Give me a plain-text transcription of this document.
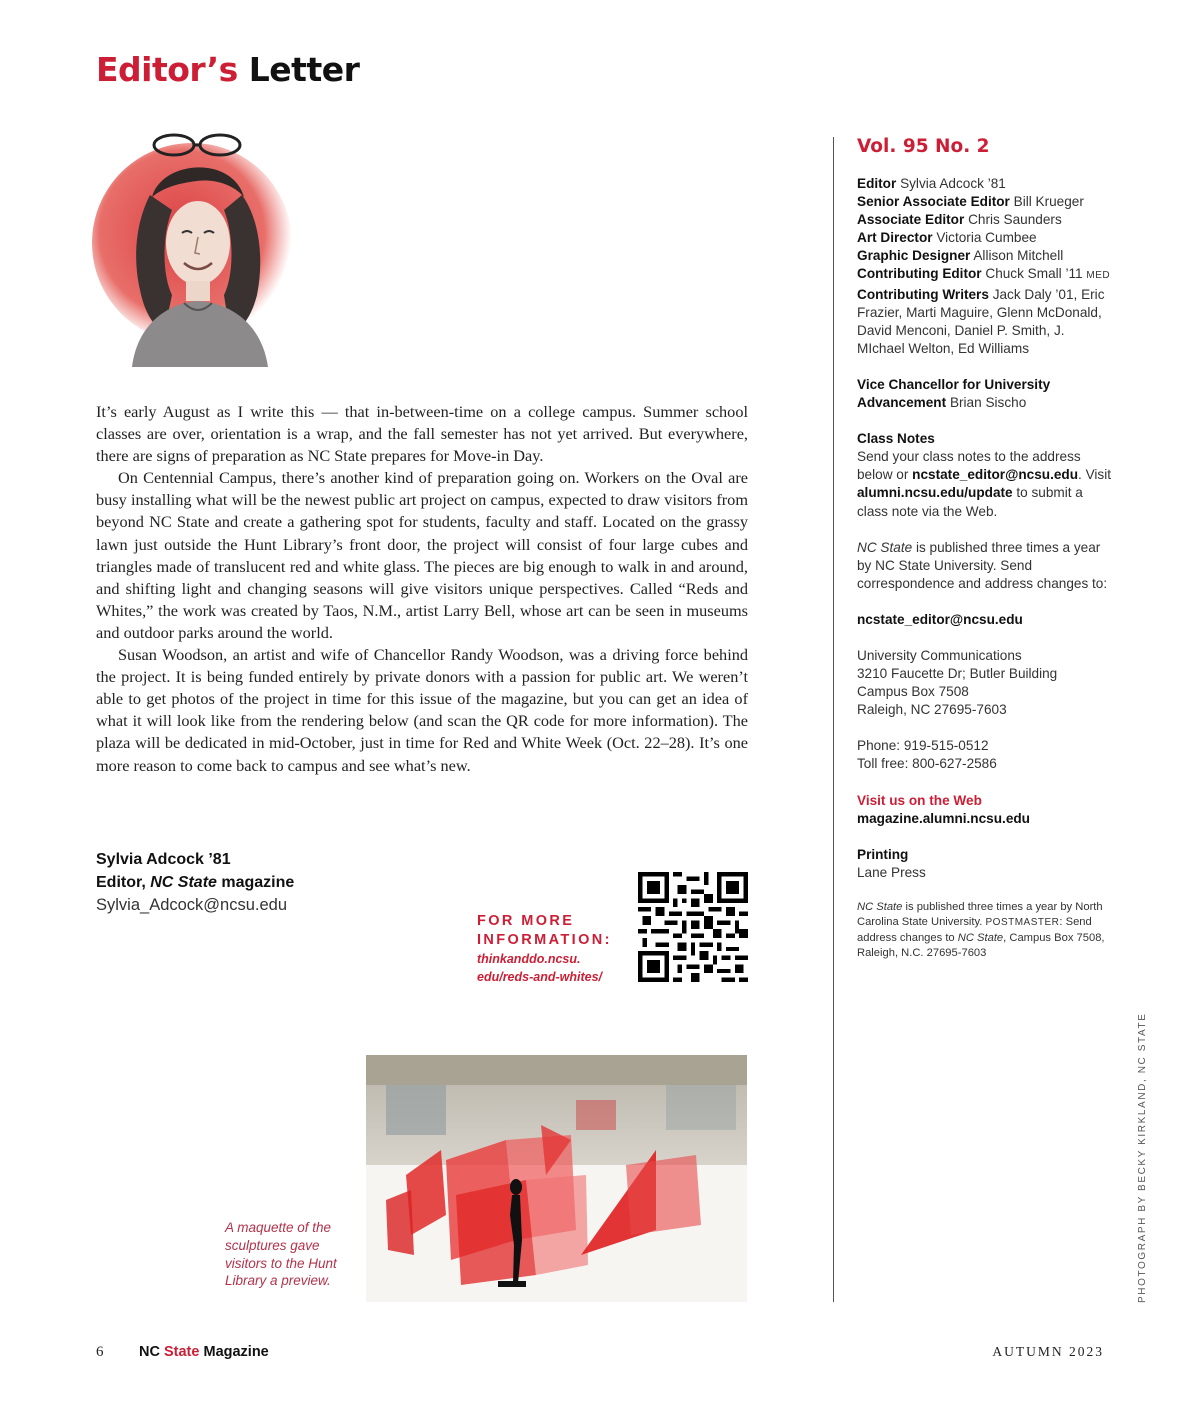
Editor’s Letter

It’s early August as I write this — that in-between-time on a college campus. Summer school classes are over, orientation is a wrap, and the fall semester has not yet arrived. But everywhere, there are signs of preparation as NC State prepares for Move-in Day.

On Centennial Campus, there’s another kind of preparation going on. Workers on the Oval are busy installing what will be the newest public art project on campus, expected to draw visitors from beyond NC State and create a gathering spot for students, faculty and staff. Located on the grassy lawn just outside the Hunt Library’s front door, the project will consist of four large cubes and triangles made of translucent red and white glass. The pieces are big enough to walk in and around, and shifting light and changing seasons will give visitors unique perspectives. Called “Reds and Whites,” the work was created by Taos, N.M., artist Larry Bell, whose art can be seen in museums and outdoor parks around the world.

Susan Woodson, an artist and wife of Chancellor Randy Woodson, was a driving force behind the project. It is being funded entirely by private donors with a passion for public art. We weren’t able to get photos of the project in time for this issue of the magazine, but you can get an idea of what it will look like from the rendering below (and scan the QR code for more information). The plaza will be dedicated in mid-October, just in time for Red and White Week (Oct. 22–28). It’s one more reason to come back to campus and see what’s new.

Sylvia Adcock ’81
Editor, NC State magazine
Sylvia_Adcock@ncsu.edu
FOR MORE
INFORMATION:
thinkanddo.ncsu.
edu/reds-and-whites/
A maquette of the sculptures gave visitors to the Hunt Library a preview.
Vol. 95 No. 2
Editor Sylvia Adcock ’81
Senior Associate Editor Bill Krueger
Associate Editor Chris Saunders
Art Director Victoria Cumbee
Graphic Designer Allison Mitchell
Contributing Editor Chuck Small ’11 MED
Contributing Writers Jack Daly ’01, Eric Frazier, Marti Maguire, Glenn McDonald, David Menconi, Daniel P. Smith, J. MIchael Welton, Ed Williams
Vice Chancellor for University Advancement Brian Sischo
Class Notes
Send your class notes to the address below or ncstate_editor@ncsu.edu. Visit alumni.ncsu.edu/update to submit a class note via the Web.
NC State is published three times a year by NC State University. Send correspondence and address changes to:
ncstate_editor@ncsu.edu
University Communications
3210 Faucette Dr; Butler Building
Campus Box 7508
Raleigh, NC 27695-7603
Phone: 919-515-0512
Toll free: 800-627-2586
Visit us on the Web
magazine.alumni.ncsu.edu
Printing
Lane Press
NC State is published three times a year by North Carolina State University. POSTMASTER: Send address changes to NC State, Campus Box 7508, Raleigh, N.C. 27695-7603
PHOTOGRAPH BY BECKY KIRKLAND, NC STATE
6 NC State Magazine	AUTUMN 2023
